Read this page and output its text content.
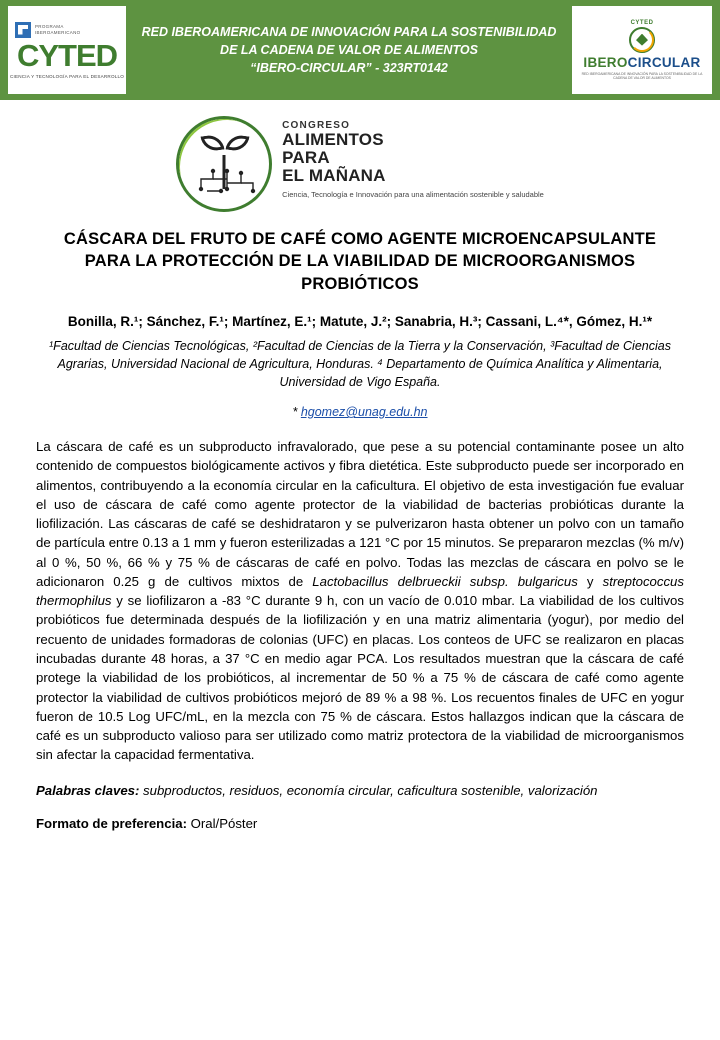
PROGRAMA
IBEROAMERICANO
CYTED
CIENCIA Y TECNOLOGÍA PARA EL DESARROLLO
RED IBEROAMERICANA DE INNOVACIÓN PARA LA SOSTENIBILIDAD
DE LA CADENA DE VALOR DE ALIMENTOS
“IBERO-CIRCULAR” - 323RT0142
CYTED
IBEROCIRCULAR
RED IBEROAMERICANA DE INNOVACIÓN PARA LA SOSTENIBILIDAD DE LA CADENA DE VALOR DE ALIMENTOS
CONGRESO
ALIMENTOS
PARA
EL MAÑANA
Ciencia, Tecnología e Innovación para una alimentación sostenible y saludable
CÁSCARA DEL FRUTO DE CAFÉ COMO AGENTE MICROENCAPSULANTE PARA LA PROTECCIÓN DE LA VIABILIDAD DE MICROORGANISMOS PROBIÓTICOS
Bonilla, R.¹; Sánchez, F.¹; Martínez, E.¹; Matute, J.²; Sanabria, H.³; Cassani, L.⁴*, Gómez, H.¹*
¹Facultad de Ciencias Tecnológicas, ²Facultad de Ciencias de la Tierra y la Conservación, ³Facultad de Ciencias Agrarias, Universidad Nacional de Agricultura, Honduras. ⁴ Departamento de Química Analítica y Alimentaria, Universidad de Vigo España.
* hgomez@unag.edu.hn
La cáscara de café es un subproducto infravalorado, que pese a su potencial contaminante posee un alto contenido de compuestos biológicamente activos y fibra dietética. Este subproducto puede ser incorporado en alimentos, contribuyendo a la economía circular en la caficultura. El objetivo de esta investigación fue evaluar el uso de cáscara de café como agente protector de la viabilidad de bacterias probióticas durante la liofilización. Las cáscaras de café se deshidrataron y se pulverizaron hasta obtener un polvo con un tamaño de partícula entre 0.13 a 1 mm y fueron esterilizadas a 121 °C por 15 minutos. Se prepararon mezclas (% m/v) al 0 %, 50 %, 66 % y 75 % de cáscaras de café en polvo. Todas las mezclas de cáscara en polvo se le adicionaron 0.25 g de cultivos mixtos de Lactobacillus delbrueckii subsp. bulgaricus y streptococcus thermophilus y se liofilizaron a -83 °C durante 9 h, con un vacío de 0.010 mbar. La viabilidad de los cultivos probióticos fue determinada después de la liofilización y en una matriz alimentaria (yogur), por medio del recuento de unidades formadoras de colonias (UFC) en placas. Los conteos de UFC se realizaron en placas incubadas durante 48 horas, a 37 °C en medio agar PCA. Los resultados muestran que la cáscara de café protege la viabilidad de los probióticos, al incrementar de 50 % a 75 % de cáscara de café como agente protector la viabilidad de cultivos probióticos mejoró de 89 % a 98 %. Los recuentos finales de UFC en yogur fueron de 10.5 Log UFC/mL, en la mezcla con 75 % de cáscara. Estos hallazgos indican que la cáscara de café es un subproducto valioso para ser utilizado como matriz protectora de la viabilidad de microorganismos sin afectar la capacidad fermentativa.
Palabras claves: subproductos, residuos, economía circular, caficultura sostenible, valorización
Formato de preferencia: Oral/Póster
